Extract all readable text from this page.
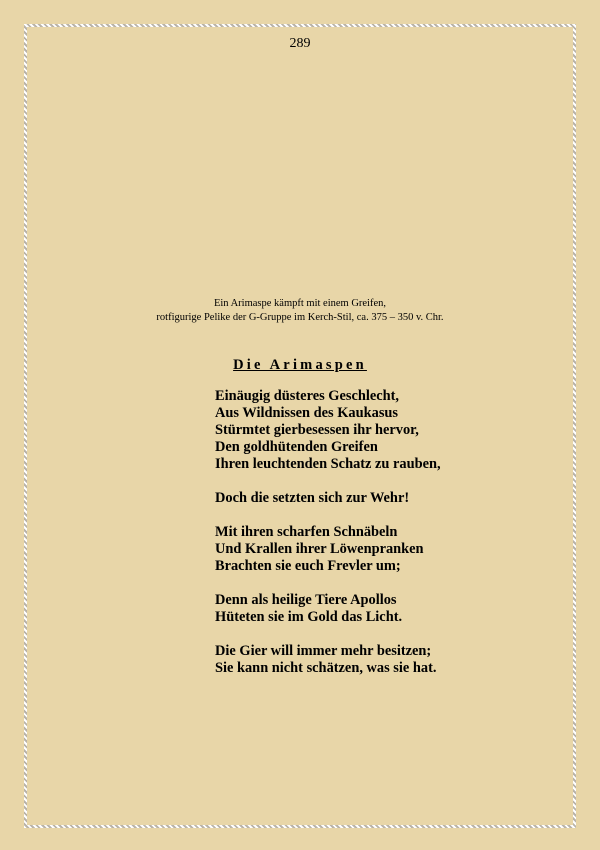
289
Ein Arimaspe kämpft mit einem Greifen,
rotfigurige Pelike der G-Gruppe im Kerch-Stil, ca. 375 – 350 v. Chr.
Die Arimaspen
Einäugig düsteres Geschlecht,
Aus Wildnissen des Kaukasus
Stürmtet gierbesessen ihr hervor,
Den goldhütenden Greifen
Ihren leuchtenden Schatz zu rauben,
Doch die setzten sich zur Wehr!
Mit ihren scharfen Schnäbeln
Und Krallen ihrer Löwenpranken
Brachten sie euch Frevler um;
Denn als heilige Tiere Apollos
Hüteten sie im Gold das Licht.
Die Gier will immer mehr besitzen;
Sie kann nicht schätzen, was sie hat.
